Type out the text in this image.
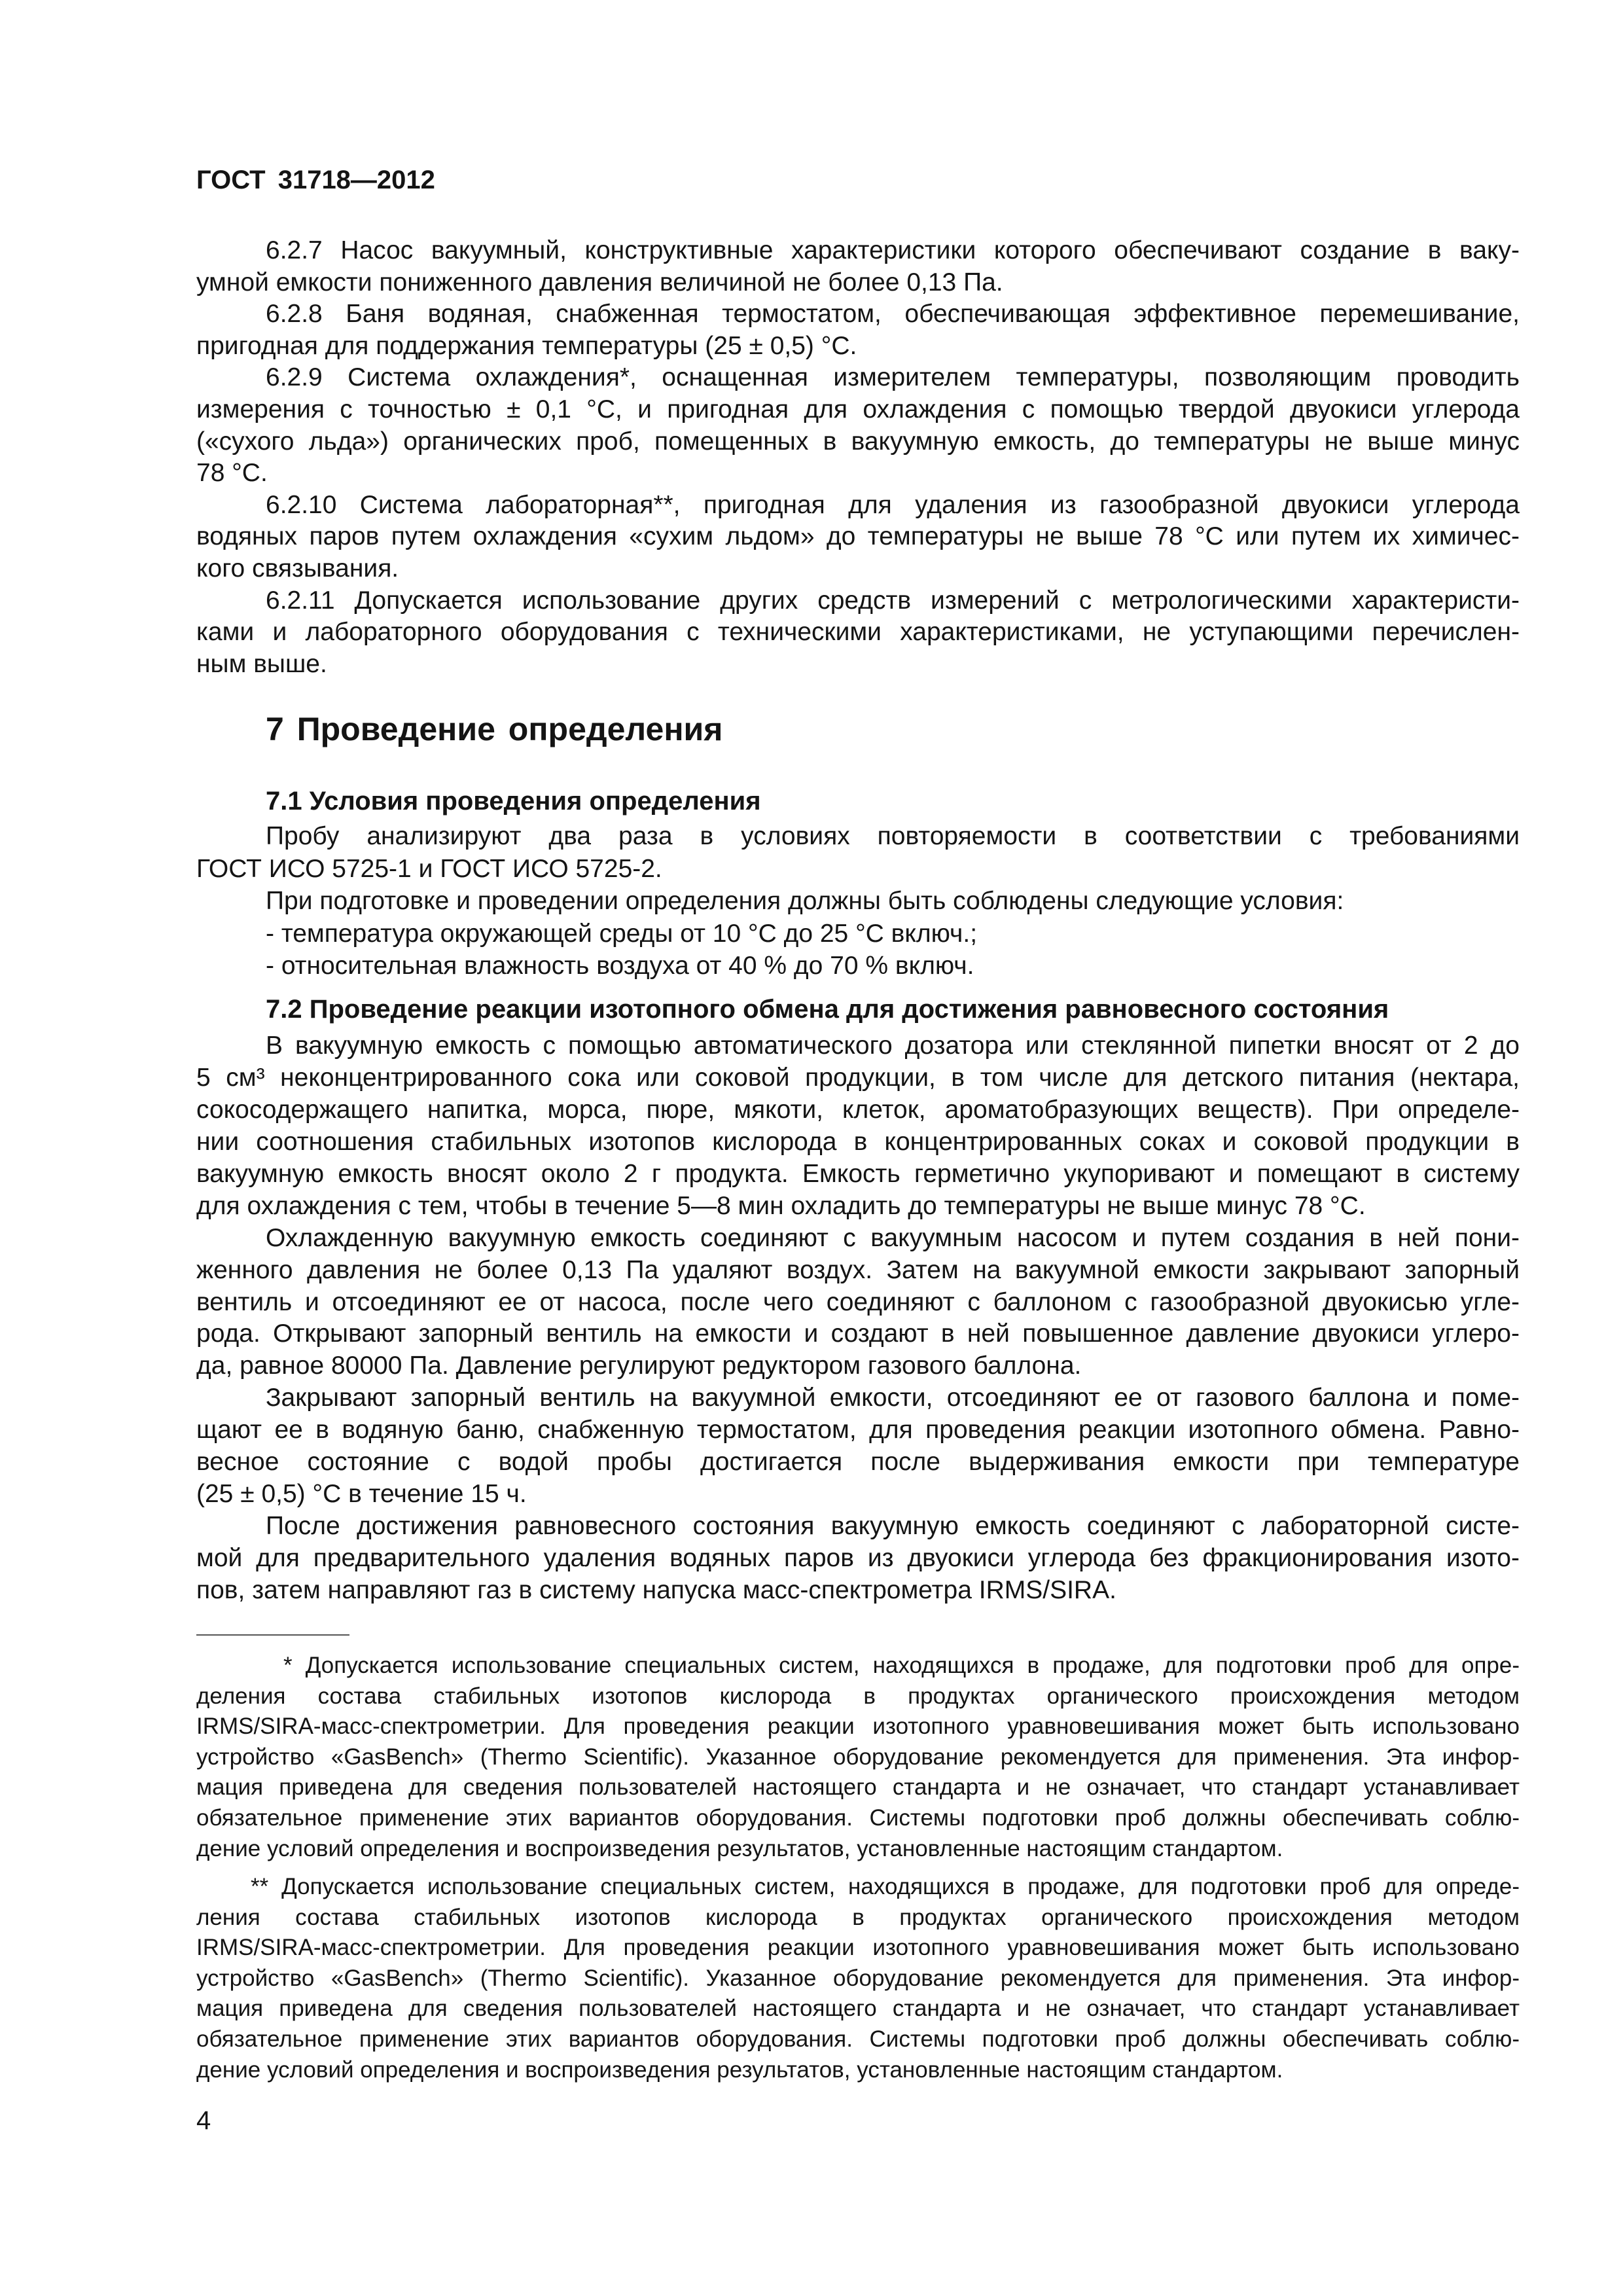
ГОСТ 31718—2012
6.2.7 Насос вакуумный, конструктивные характеристики которого обеспечивают создание в ваку-
умной емкости пониженного давления величиной не более 0,13 Па.
6.2.8 Баня водяная, снабженная термостатом, обеспечивающая эффективное перемешивание,
пригодная для поддержания температуры (25 ± 0,5) °С.
6.2.9 Система охлаждения*, оснащенная измерителем температуры, позволяющим проводить
измерения с точностью ± 0,1 °С, и пригодная для охлаждения с помощью твердой двуокиси углерода
(«сухого льда») органических проб, помещенных в вакуумную емкость, до температуры не выше минус
78 °С.
6.2.10 Система лабораторная**, пригодная для удаления из газообразной двуокиси углерода
водяных паров путем охлаждения «сухим льдом» до температуры не выше 78 °С или путем их химичес-
кого связывания.
6.2.11 Допускается использование других средств измерений с метрологическими характеристи-
ками и лабораторного оборудования с техническими характеристиками, не уступающими перечислен-
ным выше.
7 Проведение определения
7.1 Условия проведения определения
Пробу анализируют два раза в условиях повторяемости в соответствии с требованиями
ГОСТ ИСО 5725-1 и ГОСТ ИСО 5725-2.
При подготовке и проведении определения должны быть соблюдены следующие условия:
- температура окружающей среды от 10 °С до 25 °С включ.;
- относительная влажность воздуха от 40 % до 70 % включ.
7.2 Проведение реакции изотопного обмена для достижения равновесного состояния
В вакуумную емкость с помощью автоматического дозатора или стеклянной пипетки вносят от 2 до
5 см³ неконцентрированного сока или соковой продукции, в том числе для детского питания (нектара,
сокосодержащего напитка, морса, пюре, мякоти, клеток, ароматобразующих веществ). При определе-
нии соотношения стабильных изотопов кислорода в концентрированных соках и соковой продукции в
вакуумную емкость вносят около 2 г продукта. Емкость герметично укупоривают и помещают в систему
для охлаждения с тем, чтобы в течение 5—8 мин охладить до температуры не выше минус 78 °С.
Охлажденную вакуумную емкость соединяют с вакуумным насосом и путем создания в ней пони-
женного давления не более 0,13 Па удаляют воздух. Затем на вакуумной емкости закрывают запорный
вентиль и отсоединяют ее от насоса, после чего соединяют с баллоном с газообразной двуокисью угле-
рода. Открывают запорный вентиль на емкости и создают в ней повышенное давление двуокиси углеро-
да, равное 80000 Па. Давление регулируют редуктором газового баллона.
Закрывают запорный вентиль на вакуумной емкости, отсоединяют ее от газового баллона и поме-
щают ее в водяную баню, снабженную термостатом, для проведения реакции изотопного обмена. Равно-
весное состояние с водой пробы достигается после выдерживания емкости при температуре
(25 ± 0,5) °С в течение 15 ч.
После достижения равновесного состояния вакуумную емкость соединяют с лабораторной систе-
мой для предварительного удаления водяных паров из двуокиси углерода без фракционирования изото-
пов, затем направляют газ в систему напуска масс-спектрометра IRMS/SIRA.
* Допускается использование специальных систем, находящихся в продаже, для подготовки проб для опре-
деления состава стабильных изотопов кислорода в продуктах органического происхождения методом
IRMS/SIRA-масс-спектрометрии. Для проведения реакции изотопного уравновешивания может быть использовано
устройство «GasBench» (Thermo Scientific). Указанное оборудование рекомендуется для применения. Эта инфор-
мация приведена для сведения пользователей настоящего стандарта и не означает, что стандарт устанавливает
обязательное применение этих вариантов оборудования. Системы подготовки проб должны обеспечивать соблю-
дение условий определения и воспроизведения результатов, установленные настоящим стандартом.
** Допускается использование специальных систем, находящихся в продаже, для подготовки проб для опреде-
ления состава стабильных изотопов кислорода в продуктах органического происхождения методом
IRMS/SIRA-масс-спектрометрии. Для проведения реакции изотопного уравновешивания может быть использовано
устройство «GasBench» (Thermo Scientific). Указанное оборудование рекомендуется для применения. Эта инфор-
мация приведена для сведения пользователей настоящего стандарта и не означает, что стандарт устанавливает
обязательное применение этих вариантов оборудования. Системы подготовки проб должны обеспечивать соблю-
дение условий определения и воспроизведения результатов, установленные настоящим стандартом.
4
